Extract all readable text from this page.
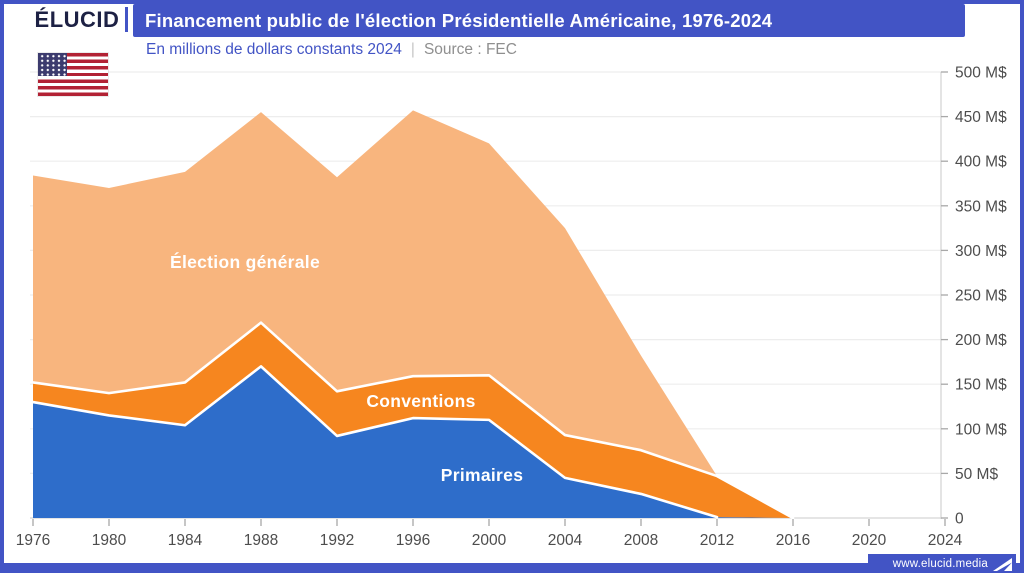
ÉLUCID Financement public de l'élection Présidentielle Américaine, 1976-2024
En millions de dollars constants 2024 | Source : FEC
0
50 M$
100 M$
150 M$
200 M$
250 M$
300 M$
350 M$
400 M$
450 M$
500 M$
1976	1980	1984	1988	1992	1996	2000	2004	2008	2012	2016	2020	2024
Primaires
Conventions
Élection générale
www.elucid.media
